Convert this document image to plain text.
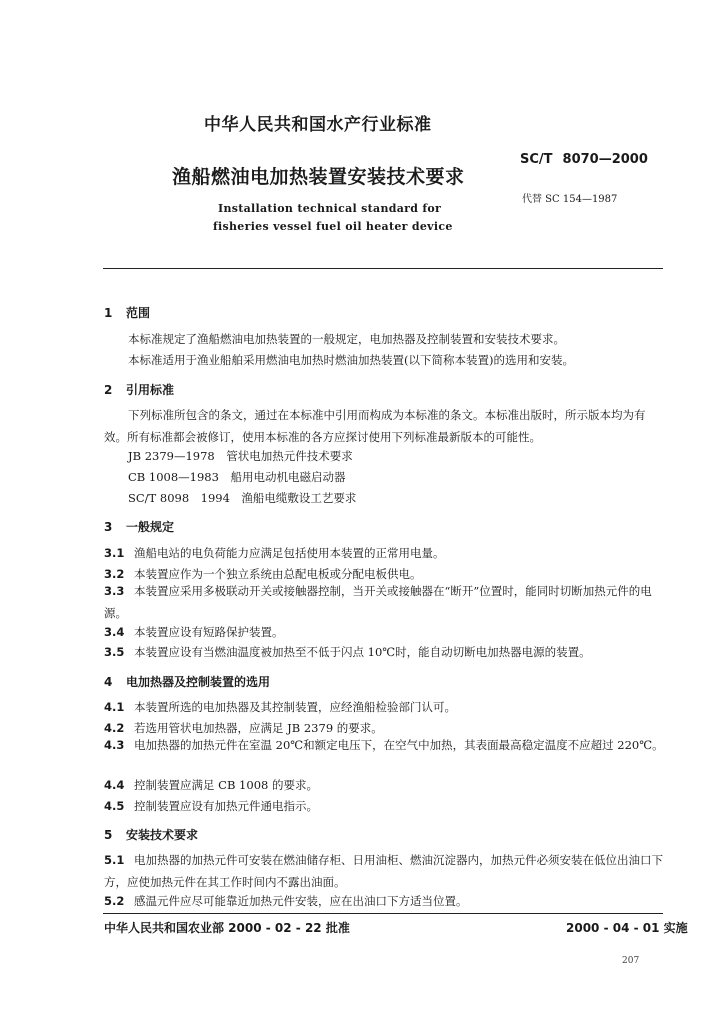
中华人民共和国水产行业标准
渔船燃油电加热装置安装技术要求
SC/T 8070—2000
代替 SC 154—1987
Installation technical standard for
fisheries vessel fuel oil heater device
1 范围
本标准规定了渔船燃油电加热装置的一般规定，电加热器及控制装置和安装技术要求。
本标准适用于渔业船舶采用燃油电加热时燃油加热装置(以下简称本装置)的选用和安装。
2 引用标准
下列标准所包含的条文，通过在本标准中引用而构成为本标准的条文。本标准出版时，所示版本均为有效。所有标准都会被修订，使用本标准的各方应探讨使用下列标准最新版本的可能性。
JB 2379—1978　管状电加热元件技术要求
CB 1008—1983　船用电动机电磁启动器
SC/T 8098　1994　渔船电缆敷设工艺要求
3 一般规定
3.1 渔船电站的电负荷能力应满足包括使用本装置的正常用电量。
3.2 本装置应作为一个独立系统由总配电板或分配电板供电。
3.3 本装置应采用多极联动开关或接触器控制，当开关或接触器在“断开”位置时，能同时切断加热元件的电源。
3.4 本装置应设有短路保护装置。
3.5 本装置应设有当燃油温度被加热至不低于闪点 10℃时，能自动切断电加热器电源的装置。
4 电加热器及控制装置的选用
4.1 本装置所选的电加热器及其控制装置，应经渔船检验部门认可。
4.2 若选用管状电加热器，应满足 JB 2379 的要求。
4.3 电加热器的加热元件在室温 20℃和额定电压下，在空气中加热，其表面最高稳定温度不应超过 220℃。
4.4 控制装置应满足 CB 1008 的要求。
4.5 控制装置应设有加热元件通电指示。
5 安装技术要求
5.1 电加热器的加热元件可安装在燃油储存柜、日用油柜、燃油沉淀器内，加热元件必须安装在低位出油口下方，应使加热元件在其工作时间内不露出油面。
5.2 感温元件应尽可能靠近加热元件安装，应在出油口下方适当位置。
中华人民共和国农业部 2000 - 02 - 22 批准	2000 - 04 - 01 实施
207
